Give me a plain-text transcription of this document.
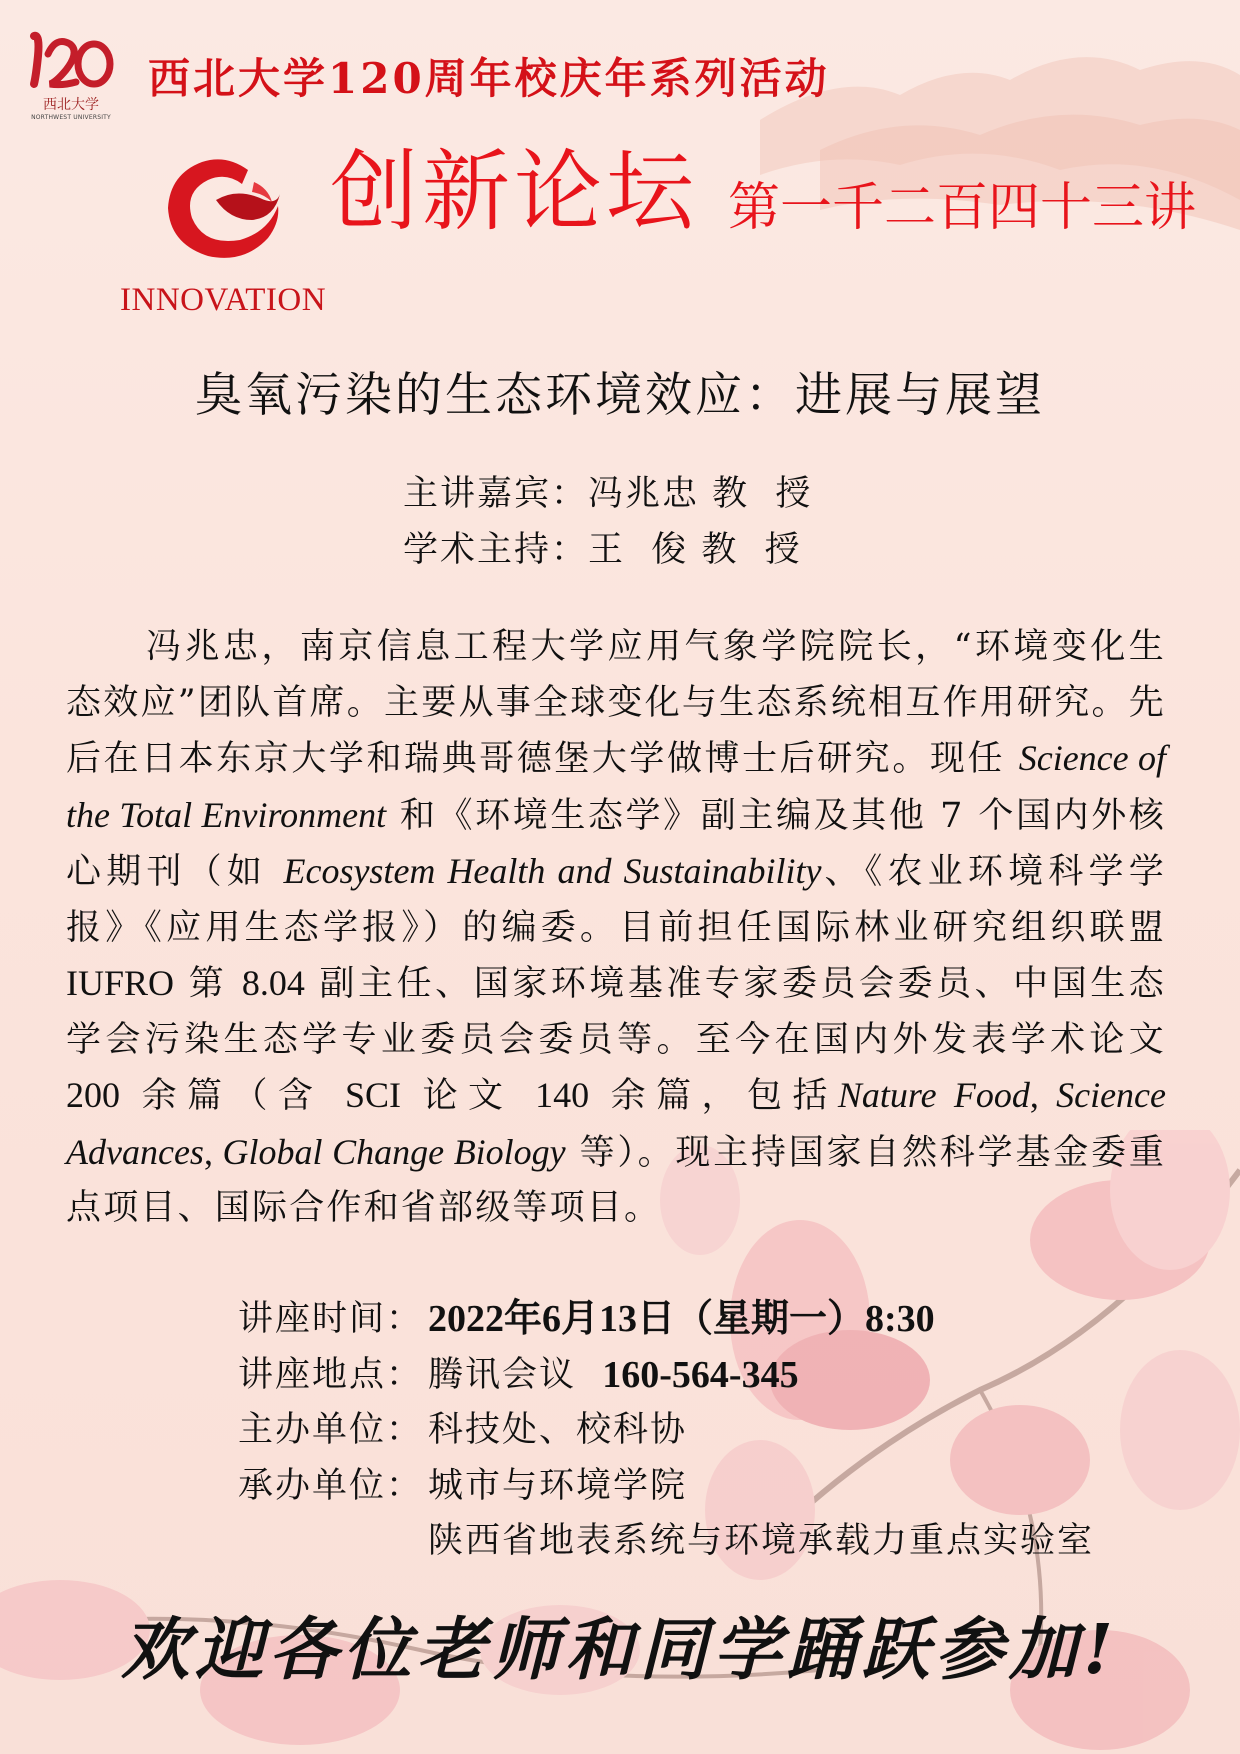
西北大学
NORTHWEST UNIVERSITY
西北大学120周年校庆年系列活动
INNOVATION
创新论坛 第一千二百四十三讲
臭氧污染的生态环境效应：进展与展望
主讲嘉宾：冯兆忠 教  授
学术主持：王  俊 教  授
冯兆忠，南京信息工程大学应用气象学院院长，“环境变化生态效应”团队首席。主要从事全球变化与生态系统相互作用研究。先后在日本东京大学和瑞典哥德堡大学做博士后研究。现任 Science of the Total Environment 和《环境生态学》副主编及其他 7 个国内外核心期刊（如 Ecosystem Health and Sustainability、《农业环境科学学报》《应用生态学报》）的编委。目前担任国际林业研究组织联盟 IUFRO 第 8.04 副主任、国家环境基准专家委员会委员、中国生态学会污染生态学专业委员会委员等。至今在国内外发表学术论文 200 余篇（含 SCI 论文 140 余篇，包括Nature Food, Science Advances, Global Change Biology 等）。现主持国家自然科学基金委重点项目、国际合作和省部级等项目。
讲座时间： 2022年6月13日（星期一）8:30
讲座地点： 腾讯会议
160-564-345
主办单位： 科技处、校科协
承办单位： 城市与环境学院
陕西省地表系统与环境承载力重点实验室
欢迎各位老师和同学踊跃参加!
